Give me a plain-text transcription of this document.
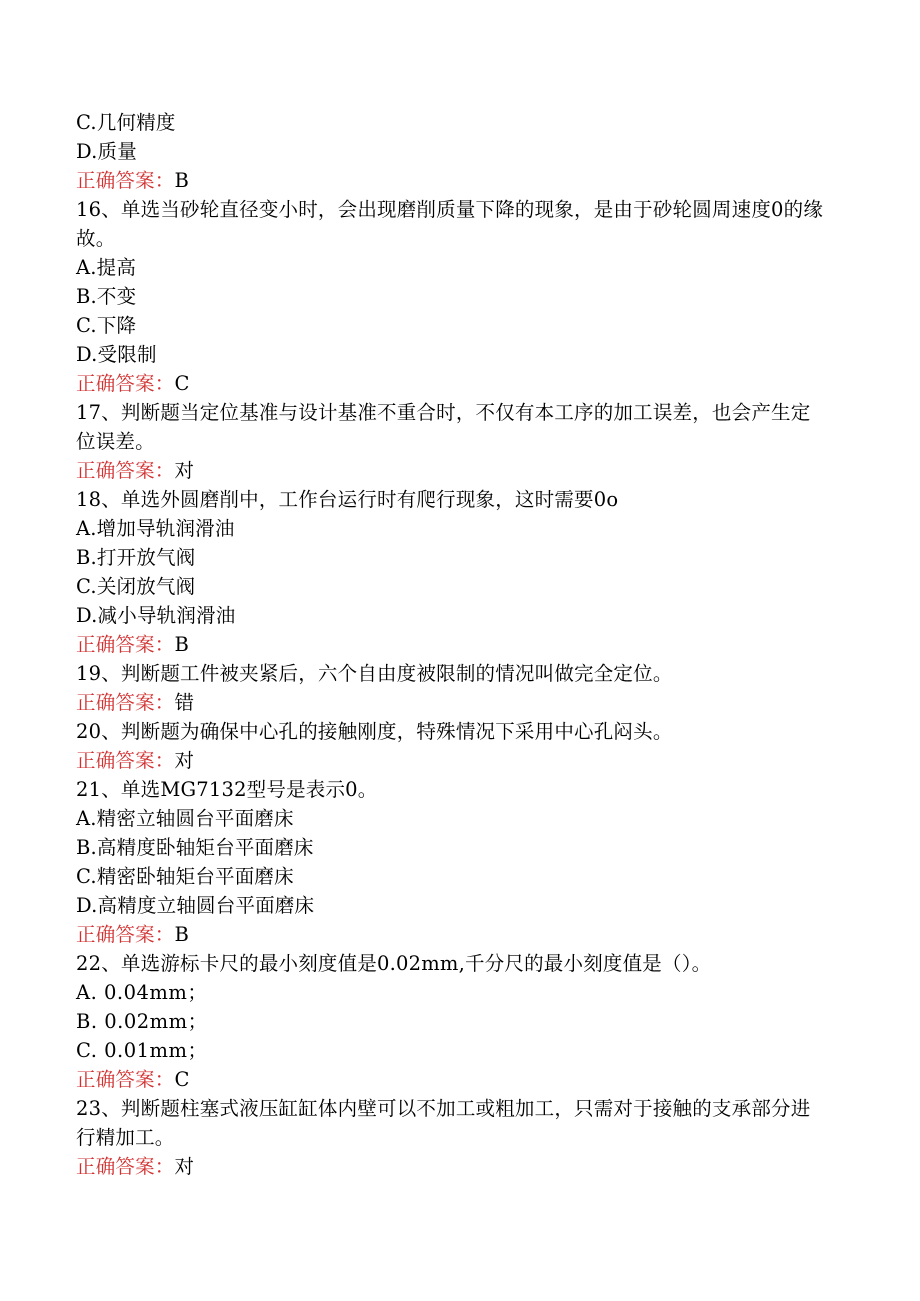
C.几何精度
D.质量
正确答案：B
16、单选当砂轮直径变小时，会出现磨削质量下降的现象，是由于砂轮圆周速度0的缘故。
A.提高
B.不变
C.下降
D.受限制
正确答案：C
17、判断题当定位基准与设计基准不重合时，不仅有本工序的加工误差，也会产生定位误差。
正确答案：对
18、单选外圆磨削中，工作台运行时有爬行现象，这时需要0o
A.增加导轨润滑油
B.打开放气阀
C.关闭放气阀
D.减小导轨润滑油
正确答案：B
19、判断题工件被夹紧后，六个自由度被限制的情况叫做完全定位。
正确答案：错
20、判断题为确保中心孔的接触刚度，特殊情况下采用中心孔闷头。
正确答案：对
21、单选MG7132型号是表示0。
A.精密立轴圆台平面磨床
B.高精度卧轴矩台平面磨床
C.精密卧轴矩台平面磨床
D.高精度立轴圆台平面磨床
正确答案：B
22、单选游标卡尺的最小刻度值是0.02mm,千分尺的最小刻度值是（）。
A. 0.04mm；
B. 0.02mm；
C. 0.01mm；
正确答案：C
23、判断题柱塞式液压缸缸体内壁可以不加工或粗加工，只需对于接触的支承部分进行精加工。
正确答案：对
